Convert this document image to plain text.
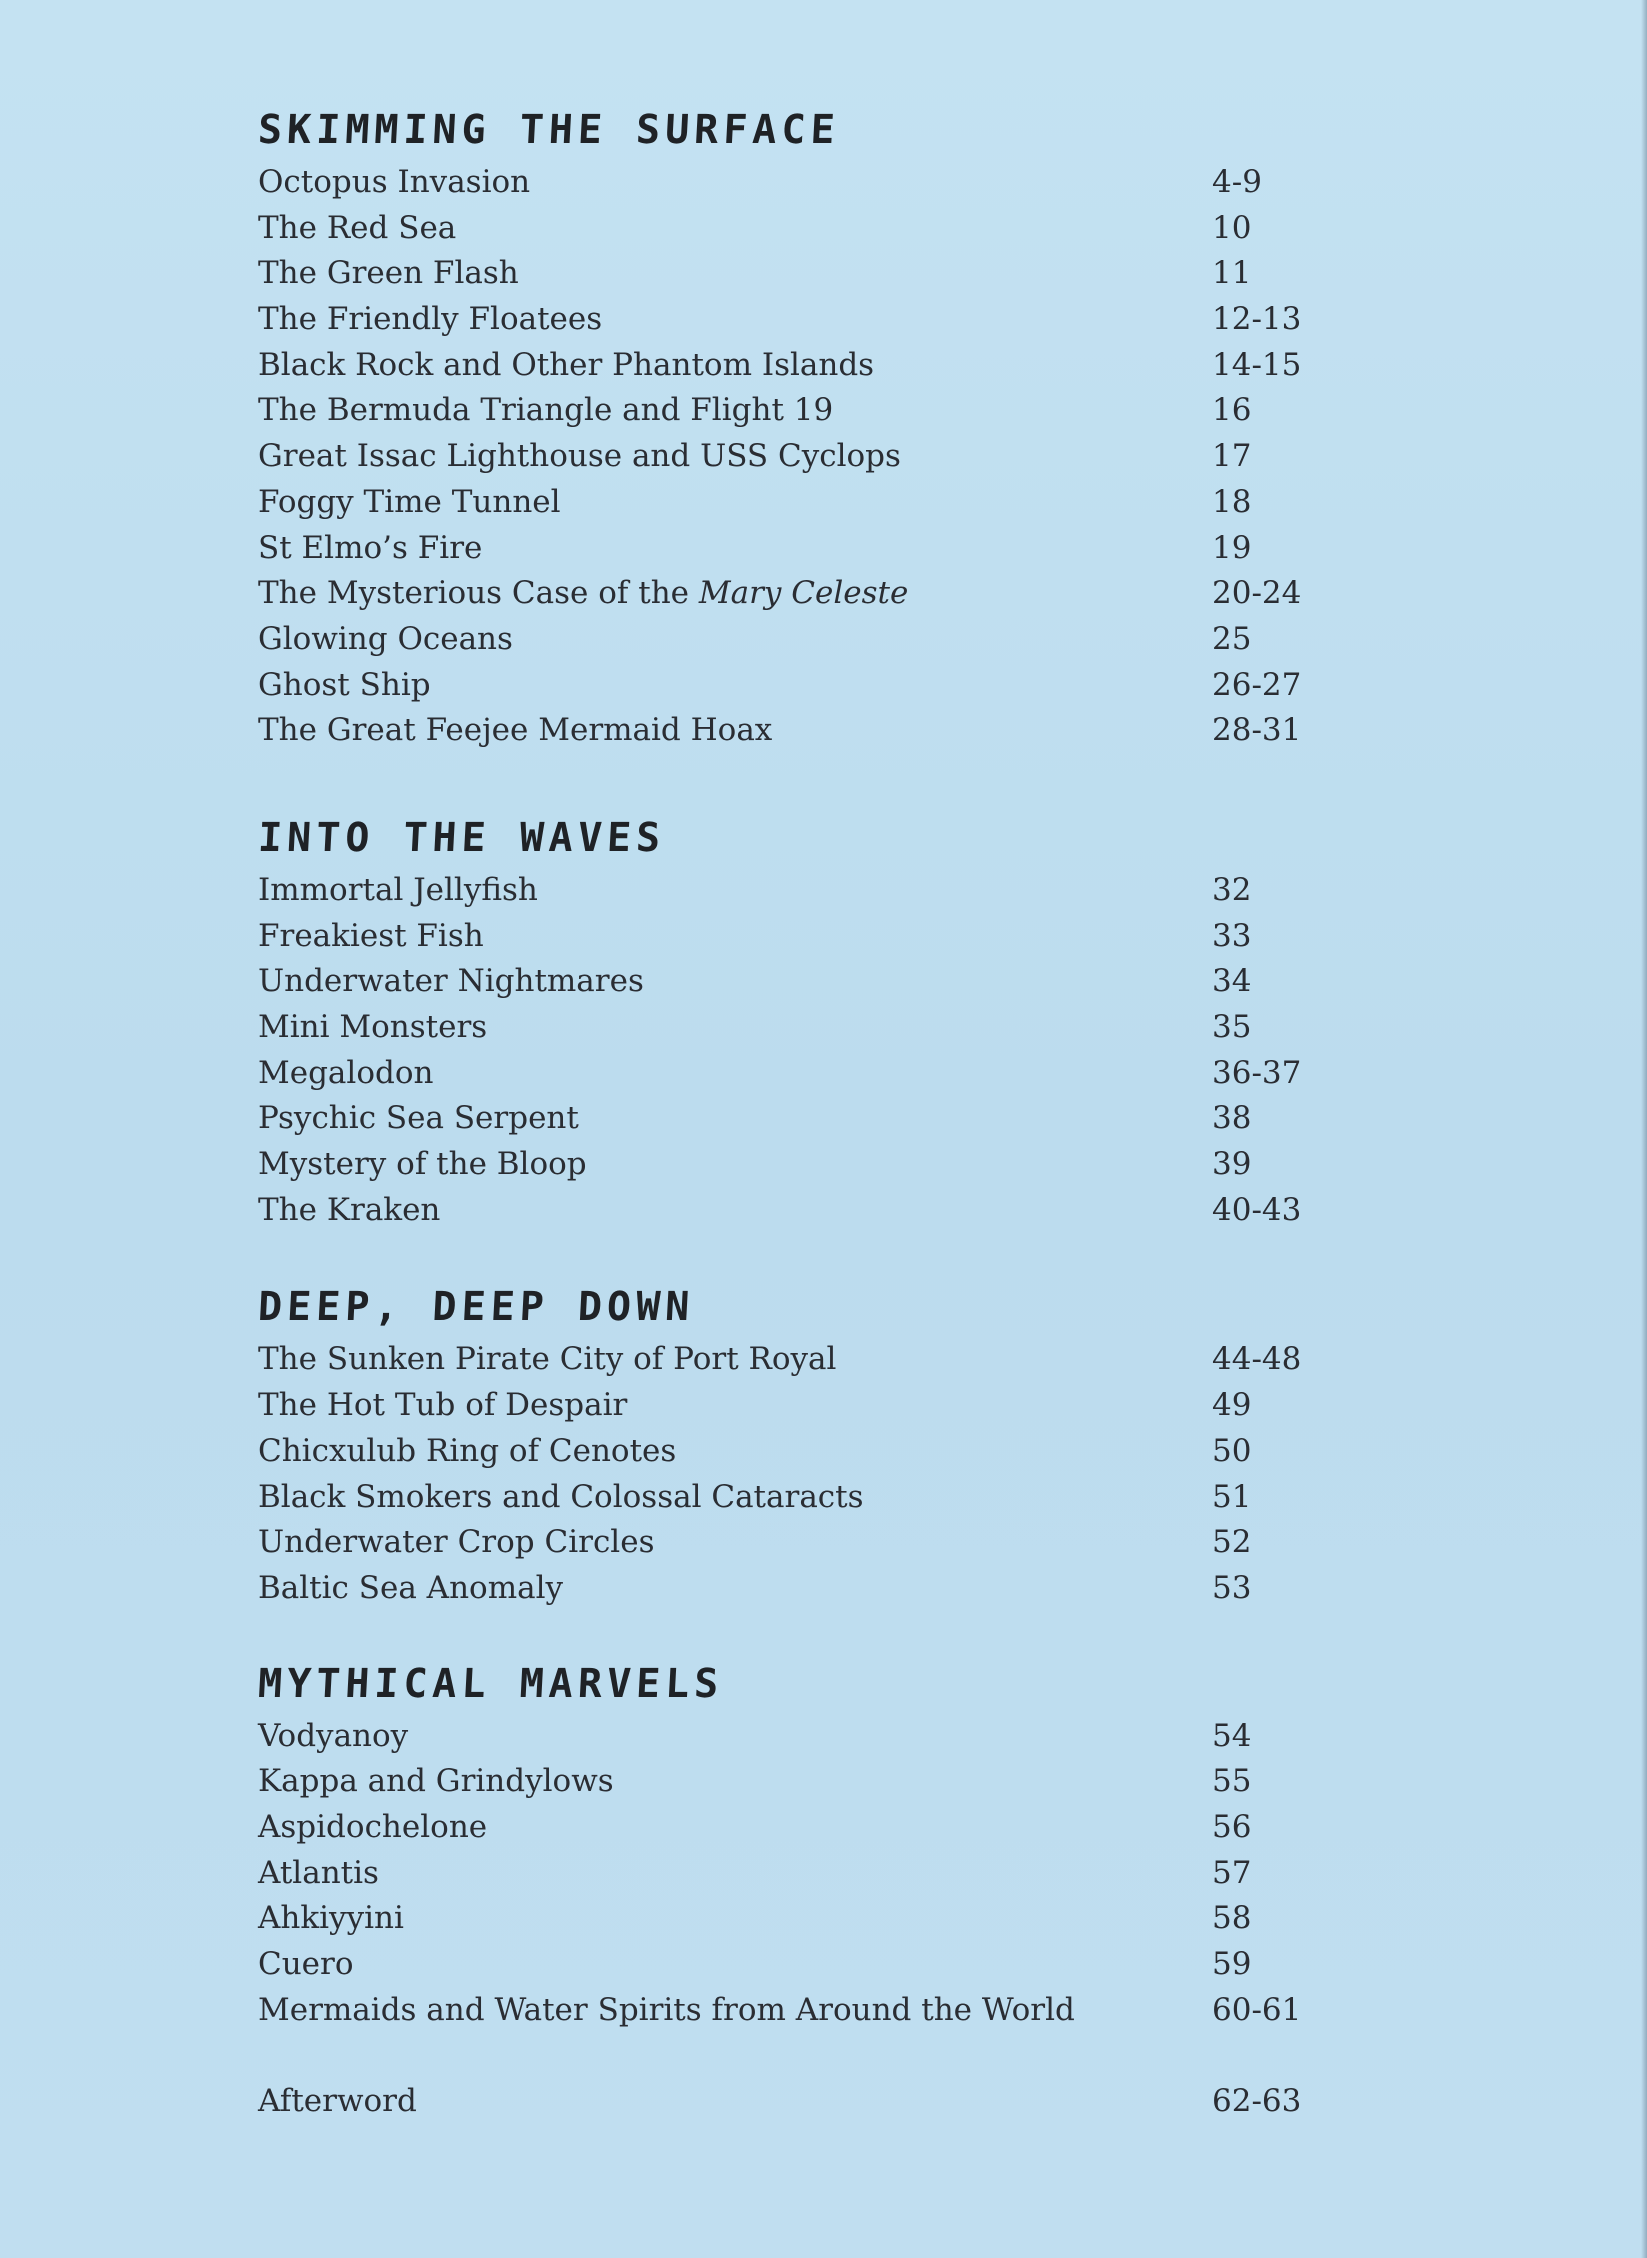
SKIMMING THE SURFACE
Octopus Invasion	4-9
The Red Sea	10
The Green Flash	11
The Friendly Floatees	12-13
Black Rock and Other Phantom Islands	14-15
The Bermuda Triangle and Flight 19	16
Great Issac Lighthouse and USS Cyclops	17
Foggy Time Tunnel	18
St Elmo’s Fire	19
The Mysterious Case of the Mary Celeste	20-24
Glowing Oceans	25
Ghost Ship	26-27
The Great Feejee Mermaid Hoax	28-31
INTO THE WAVES
Immortal Jellyfish	32
Freakiest Fish	33
Underwater Nightmares	34
Mini Monsters	35
Megalodon	36-37
Psychic Sea Serpent	38
Mystery of the Bloop	39
The Kraken	40-43
DEEP, DEEP DOWN
The Sunken Pirate City of Port Royal	44-48
The Hot Tub of Despair	49
Chicxulub Ring of Cenotes	50
Black Smokers and Colossal Cataracts	51
Underwater Crop Circles	52
Baltic Sea Anomaly	53
MYTHICAL MARVELS
Vodyanoy	54
Kappa and Grindylows	55
Aspidochelone	56
Atlantis	57
Ahkiyyini	58
Cuero	59
Mermaids and Water Spirits from Around the World	60-61
Afterword	62-63
